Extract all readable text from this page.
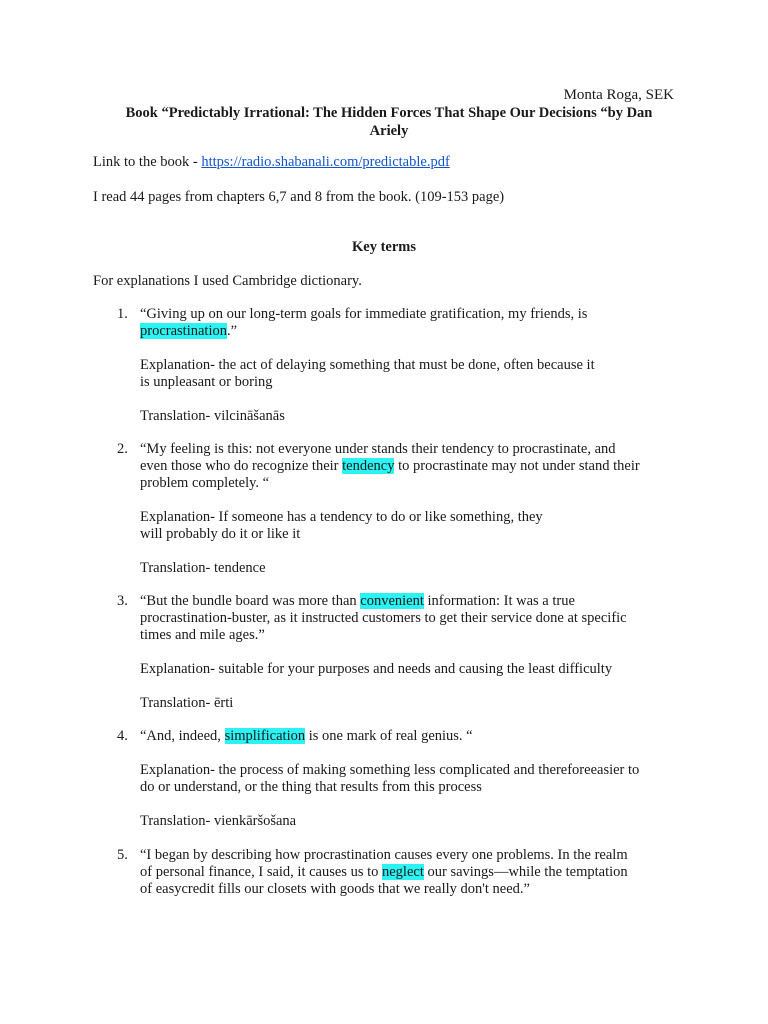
Monta Roga, SEK
Book “Predictably Irrational: The Hidden Forces That Shape Our Decisions “by Dan
Ariely
Link to the book - https://radio.shabanali.com/predictable.pdf
I read 44 pages from chapters 6,7 and 8 from the book. (109-153 page)
Key terms
For explanations I used Cambridge dictionary.
1. “Giving up on our long-term goals for immediate gratification, my friends, is
procrastination.”
Explanation- the act of delaying something that must be done, often because it
is unpleasant or boring
Translation- vilcināšanās
2. “My feeling is this: not everyone under stands their tendency to procrastinate, and
even those who do recognize their tendency to procrastinate may not under stand their
problem completely. “
Explanation- If someone has a tendency to do or like something, they
will probably do it or like it
Translation- tendence
3. “But the bundle board was more than convenient information: It was a true
procrastination-buster, as it instructed customers to get their service done at specific
times and mile ages.”
Explanation- suitable for your purposes and needs and causing the least difficulty
Translation- ērti
4. “And, indeed, simplification is one mark of real genius. “
Explanation- the process of making something less complicated and thereforeeasier to
do or understand, or the thing that results from this process
Translation- vienkāršošana
5. “I began by describing how procrastination causes every one problems. In the realm
of personal finance, I said, it causes us to neglect our savings—while the temptation
of easycredit fills our closets with goods that we really don't need.”
